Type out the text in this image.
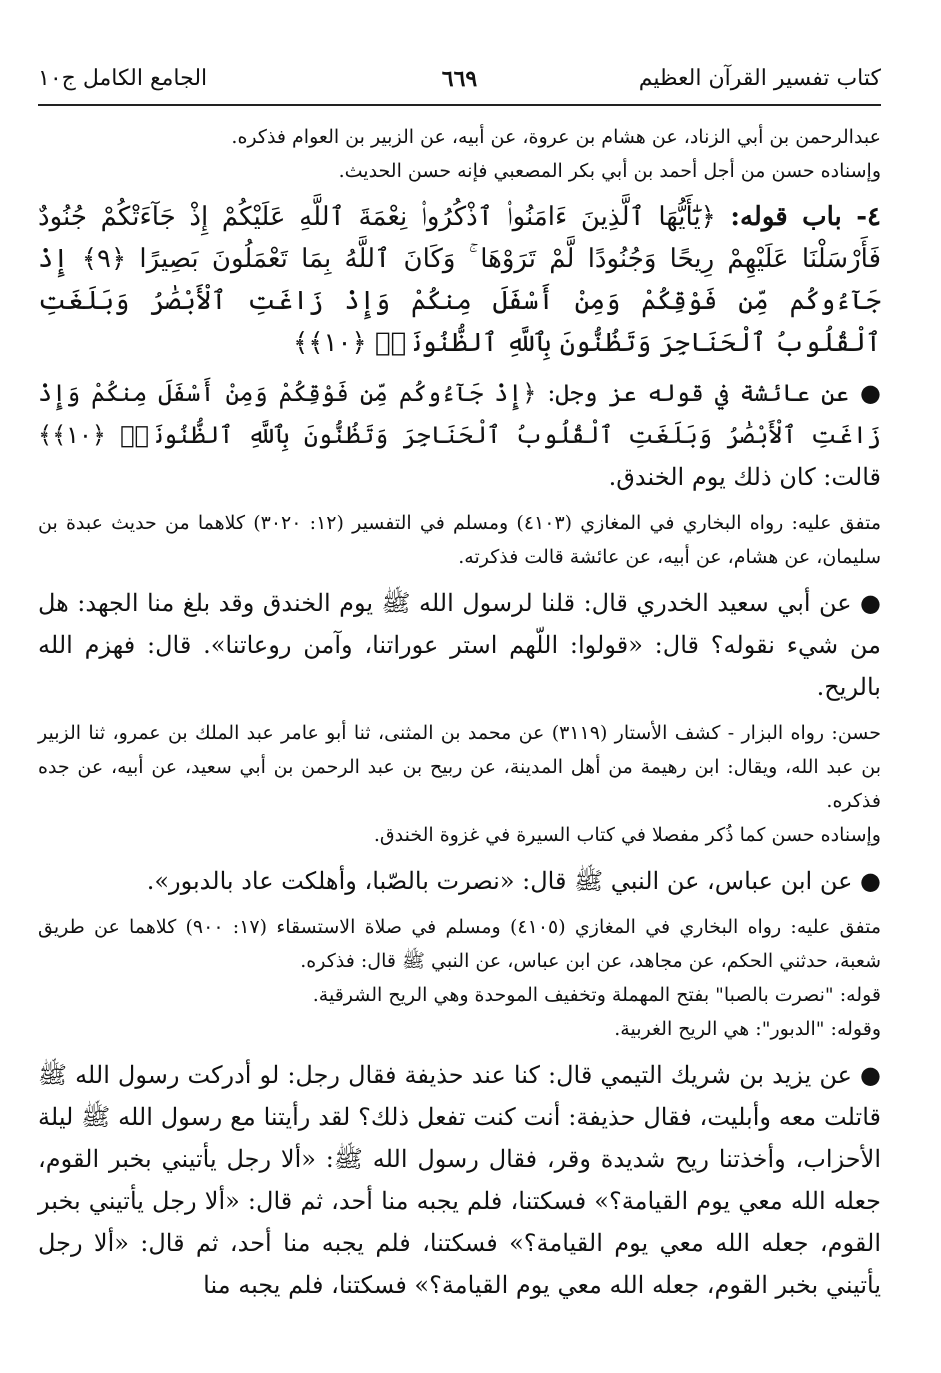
كتاب تفسير القرآن العظيم
٦٦٩
الجامع الكامل ج١٠

عبدالرحمن بن أبي الزناد، عن هشام بن عروة، عن أبيه، عن الزبير بن العوام فذكره.

وإسناده حسن من أجل أحمد بن أبي بكر المصعبي فإنه حسن الحديث.

٤- باب قوله: ﴿يَٰٓأَيُّهَا ٱلَّذِينَ ءَامَنُوا۟ ٱذْكُرُوا۟ نِعْمَةَ ٱللَّهِ عَلَيْكُمْ إِذْ جَآءَتْكُمْ جُنُودٌ فَأَرْسَلْنَا عَلَيْهِمْ رِيحًا وَجُنُودًا لَّمْ تَرَوْهَا ۚ وَكَانَ ٱللَّهُ بِمَا تَعْمَلُونَ بَصِيرًا ﴿٩﴾ إِذْ جَآءُوكُم مِّن فَوْقِكُمْ وَمِنْ أَسْفَلَ مِنكُمْ وَإِذْ زَاغَتِ ٱلْأَبْصَٰرُ وَبَلَغَتِ ٱلْقُلُوبُ ٱلْحَنَاجِرَ وَتَظُنُّونَ بِٱللَّهِ ٱلظُّنُونَا۠ ﴿١٠﴾﴾

● عن عائشة في قوله عز وجل: ﴿إِذْ جَآءُوكُم مِّن فَوْقِكُمْ وَمِنْ أَسْفَلَ مِنكُمْ وَإِذْ زَاغَتِ ٱلْأَبْصَٰرُ وَبَلَغَتِ ٱلْقُلُوبُ ٱلْحَنَاجِرَ وَتَظُنُّونَ بِٱللَّهِ ٱلظُّنُونَا۠ ﴿١٠﴾﴾ قالت: كان ذلك يوم الخندق.

متفق عليه: رواه البخاري في المغازي (٤١٠٣) ومسلم في التفسير (١٢: ٣٠٢٠) كلاهما من حديث عبدة بن سليمان، عن هشام، عن أبيه، عن عائشة قالت فذكرته.

● عن أبي سعيد الخدري قال: قلنا لرسول الله ﷺ يوم الخندق وقد بلغ منا الجهد: هل من شيء نقوله؟ قال: «قولوا: اللّهم استر عوراتنا، وآمن روعاتنا». قال: فهزم الله بالريح.

حسن: رواه البزار - كشف الأستار (٣١١٩) عن محمد بن المثنى، ثنا أبو عامر عبد الملك بن عمرو، ثنا الزبير بن عبد الله، ويقال: ابن رهيمة من أهل المدينة، عن ربيح بن عبد الرحمن بن أبي سعيد، عن أبيه، عن جده فذكره.

وإسناده حسن كما ذُكر مفصلا في كتاب السيرة في غزوة الخندق.

● عن ابن عباس، عن النبي ﷺ قال: «نصرت بالصّبا، وأهلكت عاد بالدبور».

متفق عليه: رواه البخاري في المغازي (٤١٠٥) ومسلم في صلاة الاستسقاء (١٧: ٩٠٠) كلاهما عن طريق شعبة، حدثني الحكم، عن مجاهد، عن ابن عباس، عن النبي ﷺ قال: فذكره.

قوله: "نصرت بالصبا" بفتح المهملة وتخفيف الموحدة وهي الريح الشرقية.

وقوله: "الدبور": هي الريح الغربية.

● عن يزيد بن شريك التيمي قال: كنا عند حذيفة فقال رجل: لو أدركت رسول الله ﷺ قاتلت معه وأبليت، فقال حذيفة: أنت كنت تفعل ذلك؟ لقد رأيتنا مع رسول الله ﷺ ليلة الأحزاب، وأخذتنا ريح شديدة وقر، فقال رسول الله ﷺ: «ألا رجل يأتيني بخبر القوم، جعله الله معي يوم القيامة؟» فسكتنا، فلم يجبه منا أحد، ثم قال: «ألا رجل يأتيني بخبر القوم، جعله الله معي يوم القيامة؟» فسكتنا، فلم يجبه منا أحد، ثم قال: «ألا رجل يأتيني بخبر القوم، جعله الله معي يوم القيامة؟» فسكتنا، فلم يجبه منا
